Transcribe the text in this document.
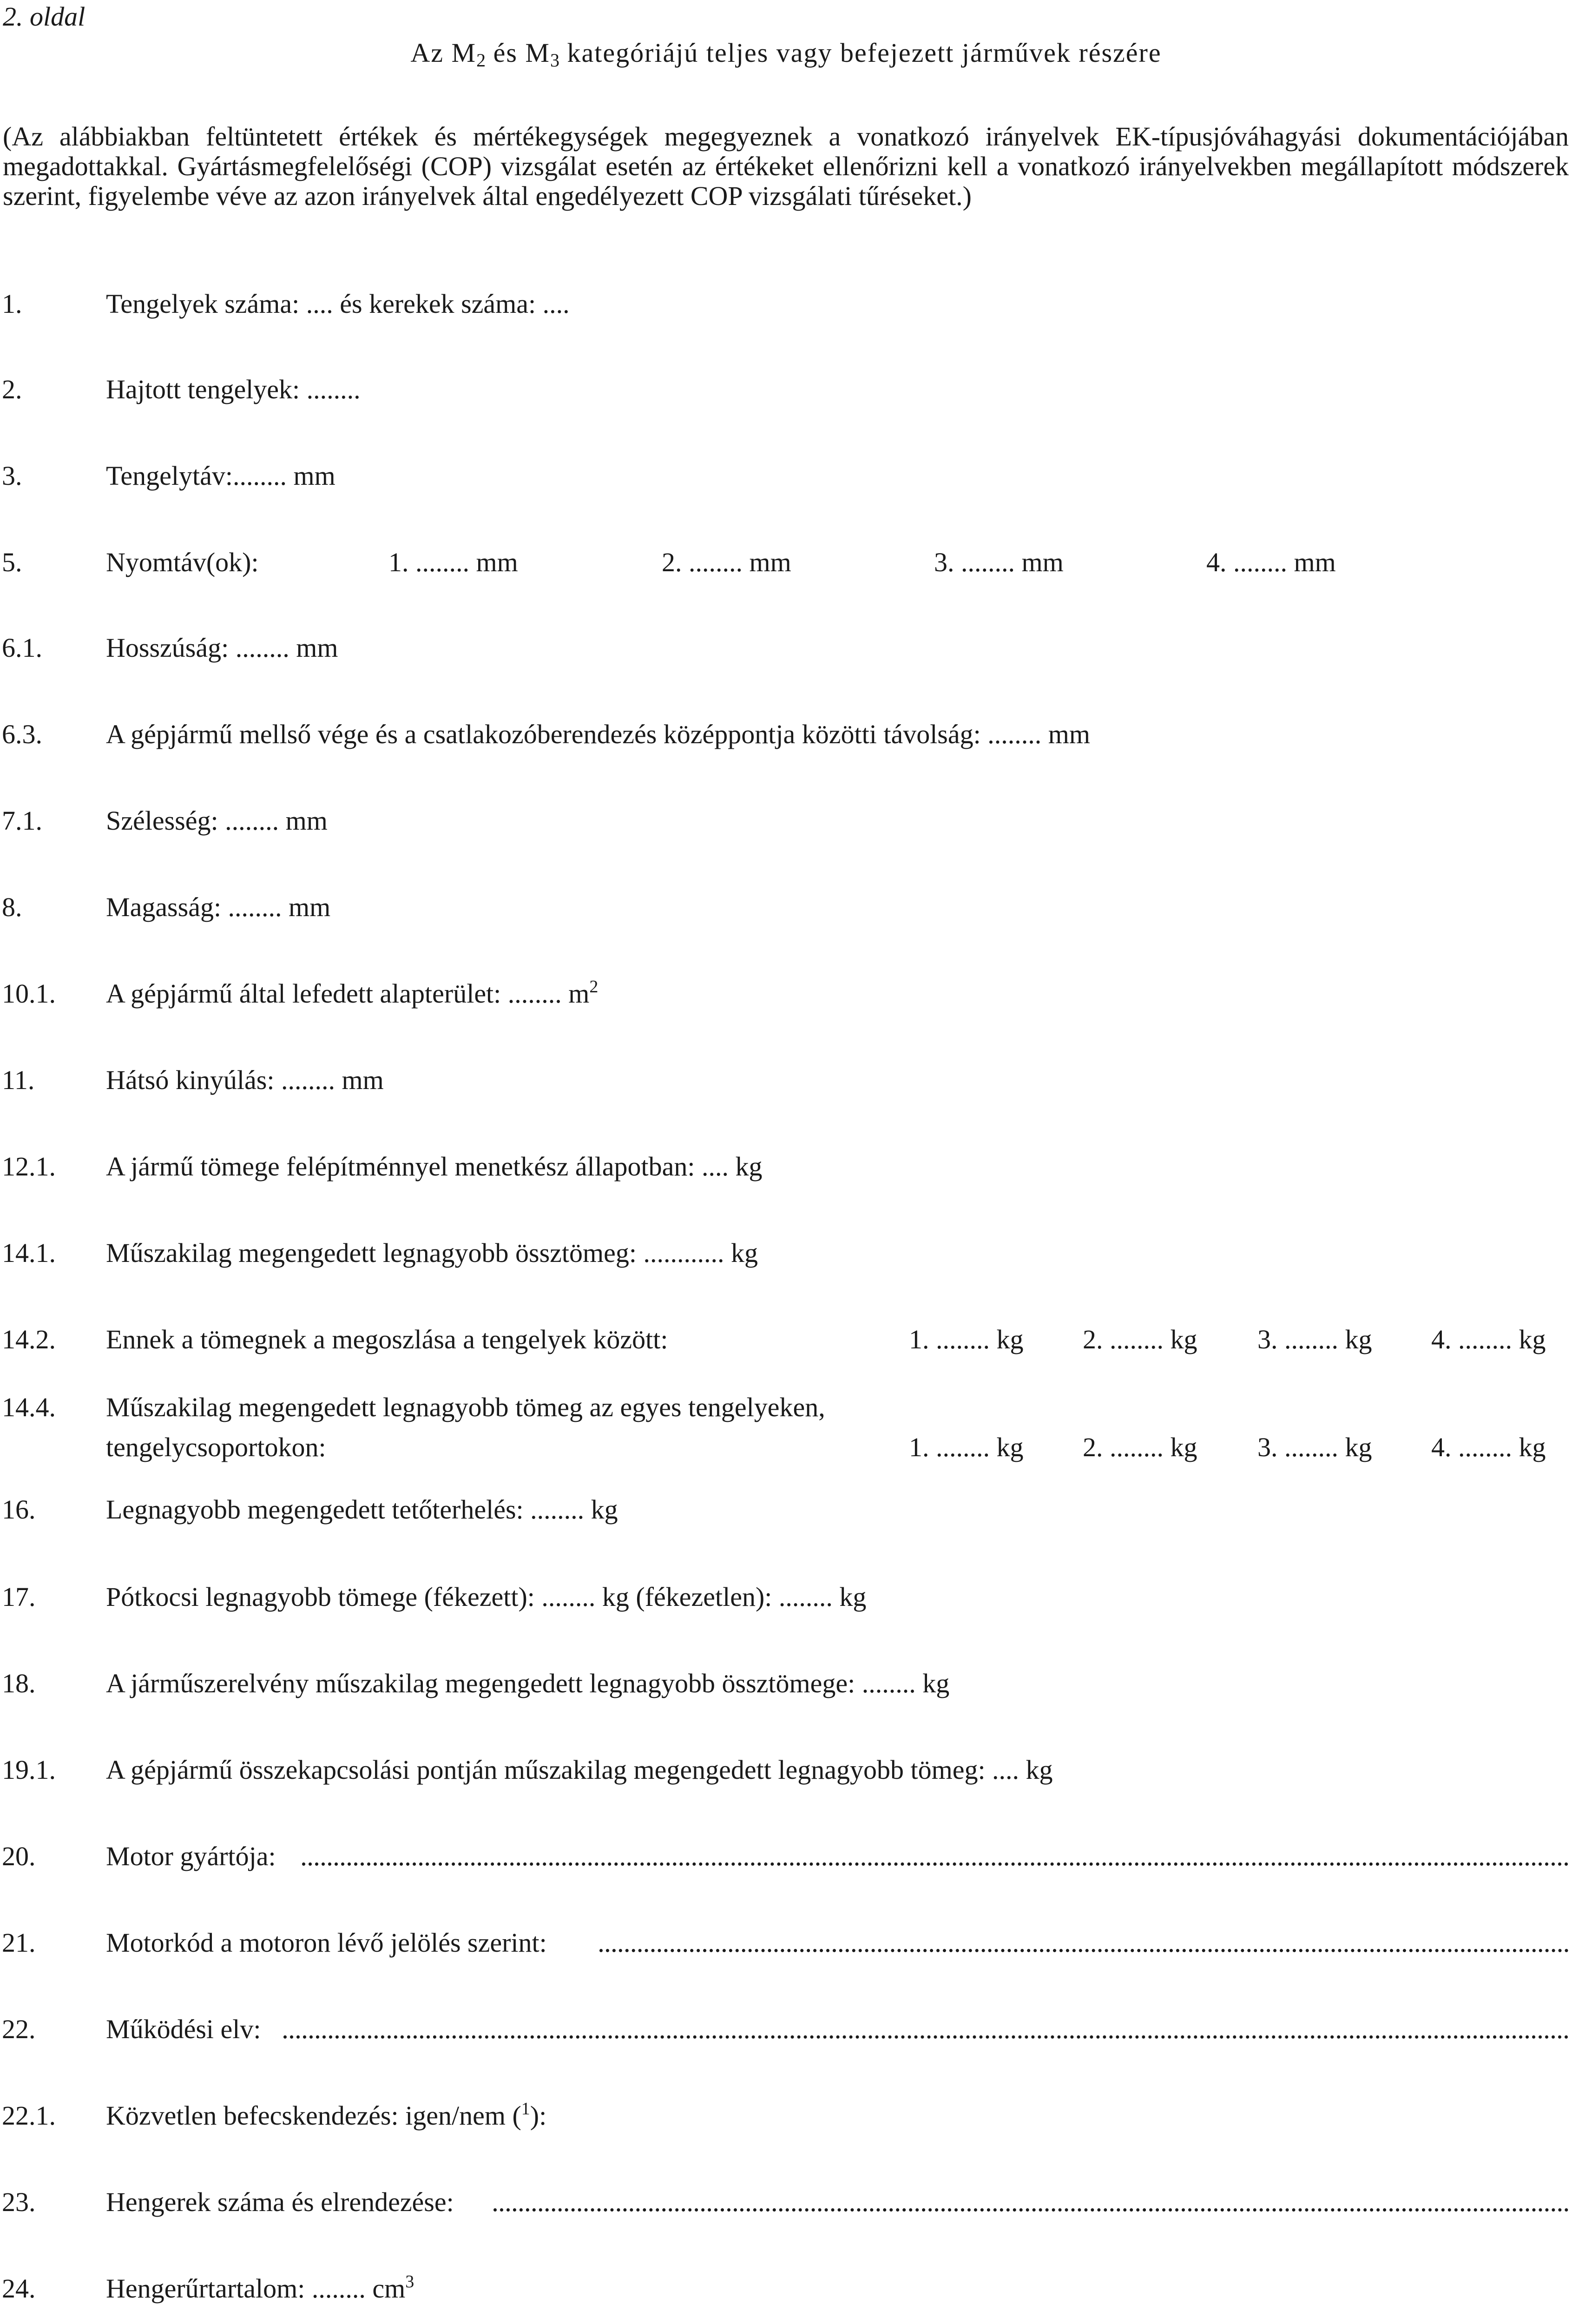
2. oldal
Az $M_2$ és $M_3$ kategóriájú teljes vagy befejezett járművek részére
(Az alábbiakban feltüntetett értékek és mértékegységek megegyeznek a vonatkozó irányelvek EK-típusjóváhagyási dokumentációjában megadottakkal. Gyártásmegfelelőségi (COP) vizsgálat esetén az értékeket ellenőrizni kell a vonatkozó irányelvekben megállapított módszerek szerint, figyelembe véve az azon irányelvek által engedélyezett COP vizsgálati tűréseket.)
1.	Tengelyek száma: .... és kerekek száma: ....
2.	Hajtott tengelyek: ........
3.	Tengelytáv:........ mm
5.	Nyomtáv(ok):	1. ........ mm	2. ........ mm	3. ........ mm	4. ........ mm
6.1. Hosszúság: ........ mm
6.3. A gépjármű mellső vége és a csatlakozóberendezés középpontja közötti távolság: ........ mm
7.1. Szélesség: ........ mm
8.	Magasság: ........ mm
10.1. A gépjármű által lefedett alapterület: ........ $m^2$
11.	Hátsó kinyúlás: ........ mm
12.1. A jármű tömege felépítménnyel menetkész állapotban: .... kg
14.1. Műszakilag megengedett legnagyobb össztömeg: ............ kg
14.2. Ennek a tömegnek a megoszlása a tengelyek között:	1. ........ kg 2. ........ kg 3. ........ kg 4. ........ kg
14.4. Műszakilag megengedett legnagyobb tömeg az egyes tengelyeken,
tengelycsoportokon:	1. ........ kg 2. ........ kg 3. ........ kg 4. ........ kg
16.	Legnagyobb megengedett tetőterhelés: ........ kg
17.	Pótkocsi legnagyobb tömege (fékezett): ........ kg (fékezetlen): ........ kg
18.	A járműszerelvény műszakilag megengedett legnagyobb össztömege: ........ kg
19.1. A gépjármű összekapcsolási pontján műszakilag megengedett legnagyobb tömeg: .... kg
20.	Motor gyártója:
21.	Motorkód a motoron lévő jelölés szerint:
22.	Működési elv:
22.1. Közvetlen befecskendezés: igen/nem ($^1$):
23.	Hengerek száma és elrendezése:
24.	Hengerűrtartalom: ........ $cm^3$
